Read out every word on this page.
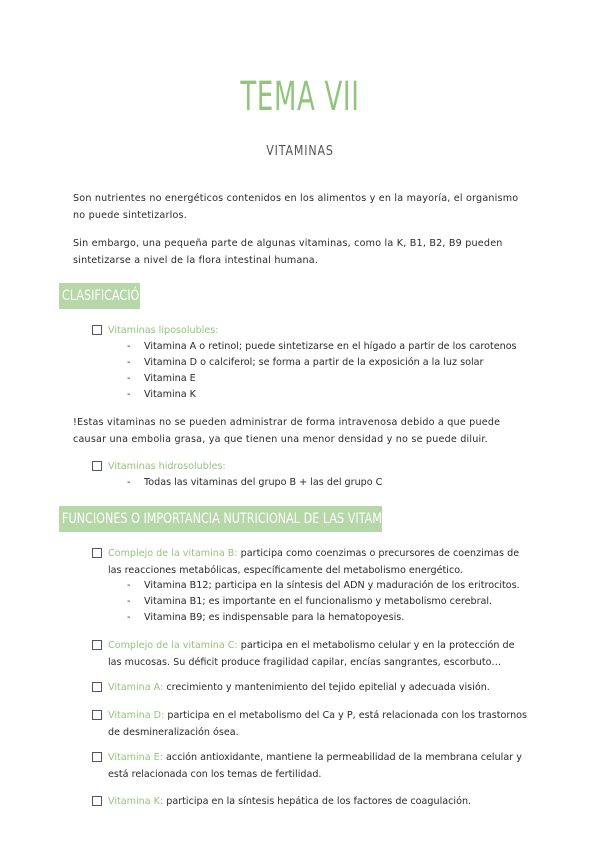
TEMA VII
VITAMINAS
Son nutrientes no energéticos contenidos en los alimentos y en la mayoría, el organismo no puede sintetizarlos.
Sin embargo, una pequeña parte de algunas vitaminas, como la K, B1, B2, B9 pueden sintetizarse a nivel de la flora intestinal humana.
CLASIFICACIÓN
Vitaminas liposolubles:
- Vitamina A o retinol; puede sintetizarse en el hígado a partir de los carotenos
- Vitamina D o calciferol; se forma a partir de la exposición a la luz solar
- Vitamina E
- Vitamina K
!Estas vitaminas no se pueden administrar de forma intravenosa debido a que puede causar una embolia grasa, ya que tienen una menor densidad y no se puede diluir.
Vitaminas hidrosolubles:
- Todas las vitaminas del grupo B + las del grupo C
FUNCIONES O IMPORTANCIA NUTRICIONAL DE LAS VITAMINAS
Complejo de la vitamina B: participa como coenzimas o precursores de coenzimas de las reacciones metabólicas, específicamente del metabolismo energético.
- Vitamina B12; participa en la síntesis del ADN y maduración de los eritrocitos.
- Vitamina B1; es importante en el funcionalismo y metabolismo cerebral.
- Vitamina B9; es indispensable para la hematopoyesis.
Complejo de la vitamina C: participa en el metabolismo celular y en la protección de las mucosas. Su déficit produce fragilidad capilar, encías sangrantes, escorbuto…
Vitamina A: crecimiento y mantenimiento del tejido epitelial y adecuada visión.
Vitamina D: participa en el metabolismo del Ca y P, está relacionada con los trastornos de desmineralización ósea.
Vitamina E: acción antioxidante, mantiene la permeabilidad de la membrana celular y está relacionada con los temas de fertilidad.
Vitamina K: participa en la síntesis hepática de los factores de coagulación.
